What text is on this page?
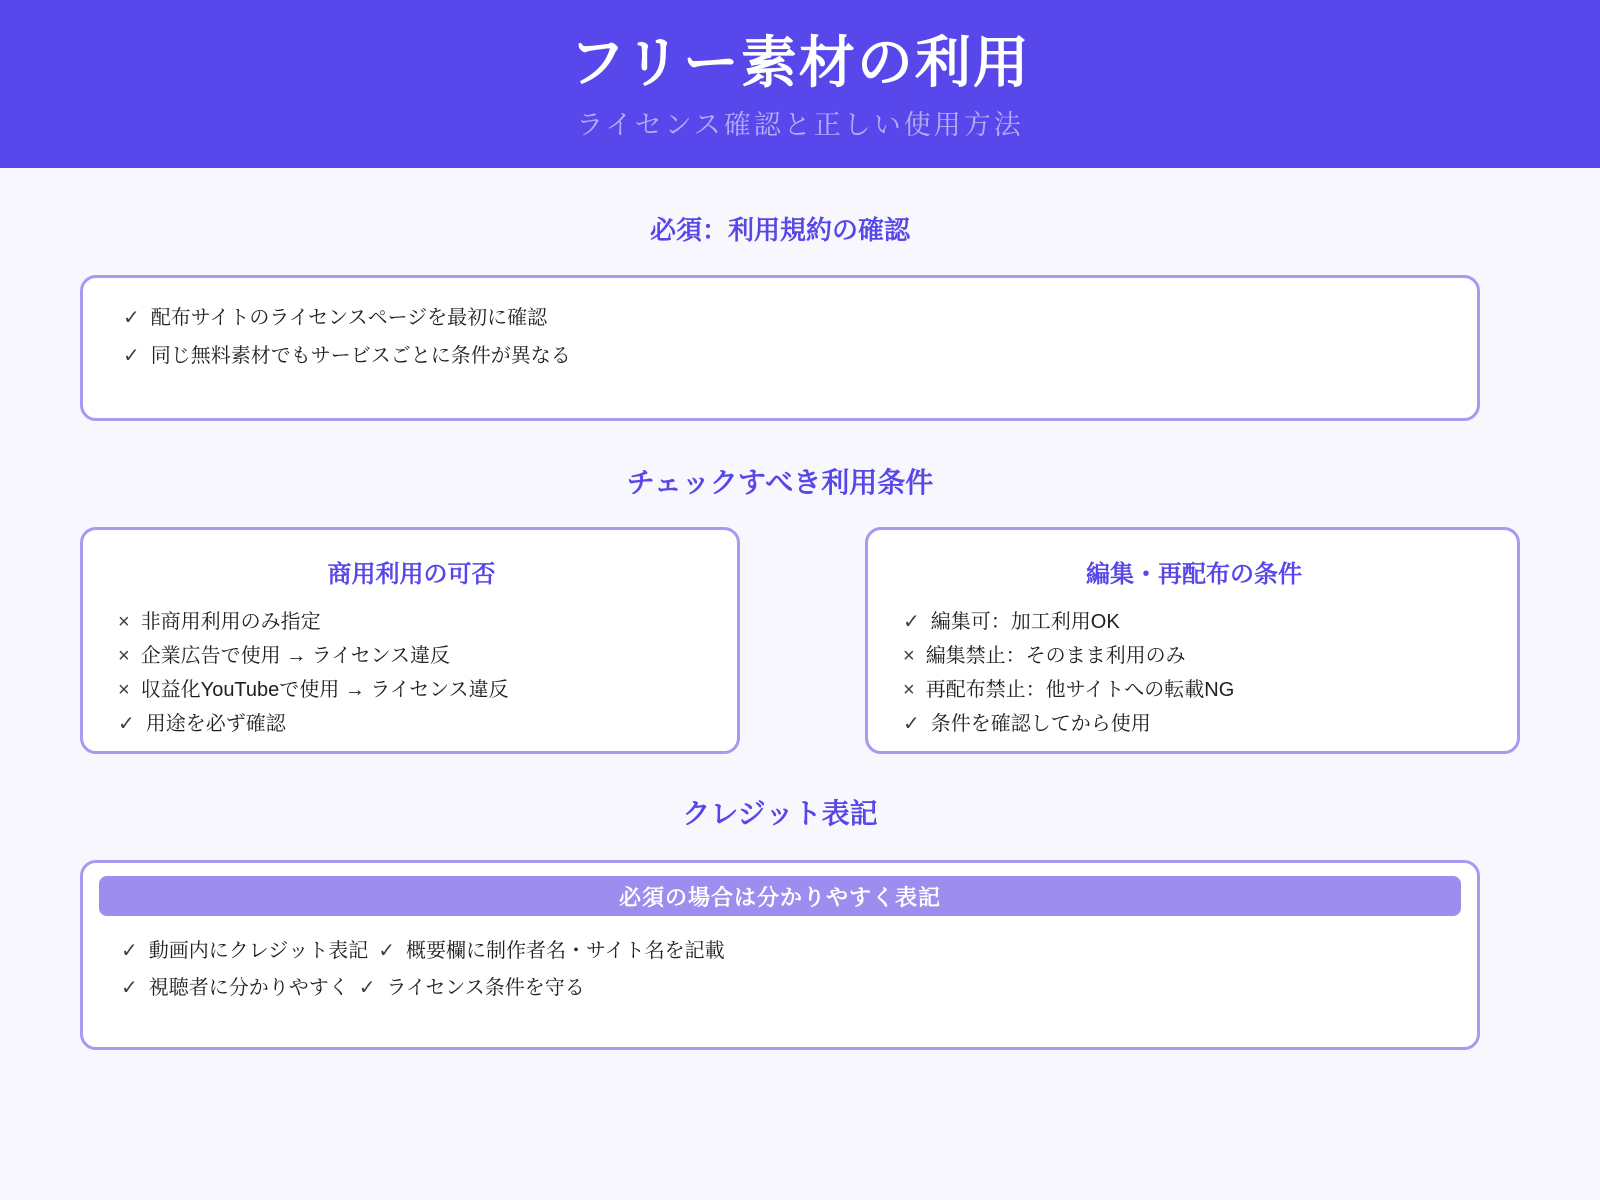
フリー素材の利用
ライセンス確認と正しい使用方法
必須：利用規約の確認
✓ 配布サイトのライセンスページを最初に確認
✓ 同じ無料素材でもサービスごとに条件が異なる
チェックすべき利用条件
商用利用の可否
× 非商用利用のみ指定
× 企業広告で使用 → ライセンス違反
× 収益化YouTubeで使用 → ライセンス違反
✓ 用途を必ず確認
編集・再配布の条件
✓ 編集可：加工利用OK
× 編集禁止：そのまま利用のみ
× 再配布禁止：他サイトへの転載NG
✓ 条件を確認してから使用
クレジット表記
必須の場合は分かりやすく表記
✓ 動画内にクレジット表記 ✓ 概要欄に制作者名・サイト名を記載
✓ 視聴者に分かりやすく ✓ ライセンス条件を守る
